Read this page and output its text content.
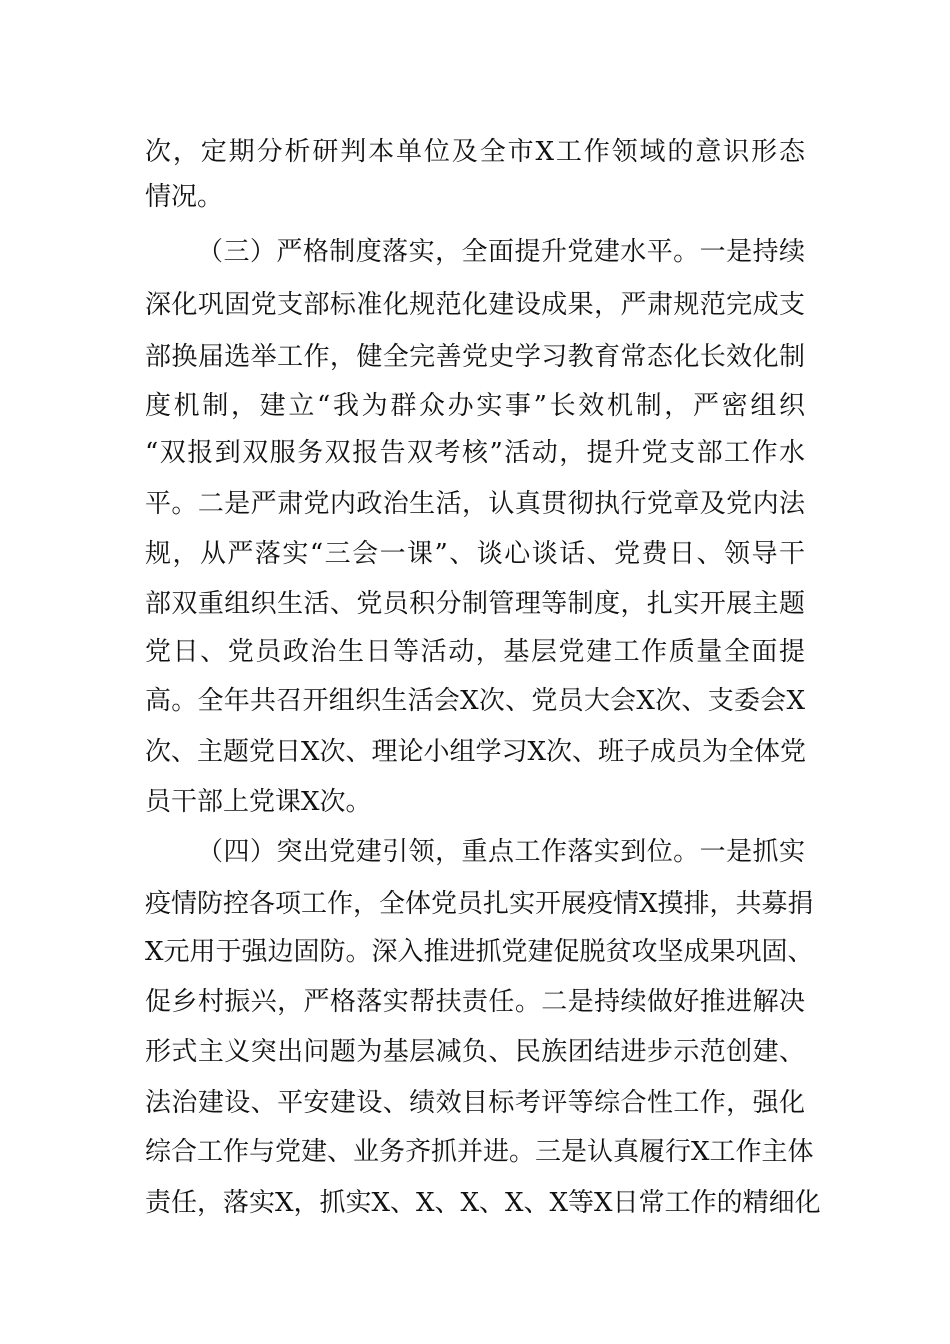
次，定期分析研判本单位及全市X工作领域的意识形态
情况。
（三）严格制度落实，全面提升党建水平。一是持续
深化巩固党支部标准化规范化建设成果，严肃规范完成支
部换届选举工作，健全完善党史学习教育常态化长效化制
度机制，建立“我为群众办实事”长效机制，严密组织
“双报到双服务双报告双考核”活动，提升党支部工作水
平。二是严肃党内政治生活，认真贯彻执行党章及党内法
规，从严落实“三会一课”、谈心谈话、党费日、领导干
部双重组织生活、党员积分制管理等制度，扎实开展主题
党日、党员政治生日等活动，基层党建工作质量全面提
高。全年共召开组织生活会X次、党员大会X次、支委会X
次、主题党日X次、理论小组学习X次、班子成员为全体党
员干部上党课X次。
（四）突出党建引领，重点工作落实到位。一是抓实
疫情防控各项工作，全体党员扎实开展疫情X摸排，共募捐
X元用于强边固防。深入推进抓党建促脱贫攻坚成果巩固、
促乡村振兴，严格落实帮扶责任。二是持续做好推进解决
形式主义突出问题为基层减负、民族团结进步示范创建、
法治建设、平安建设、绩效目标考评等综合性工作，强化
综合工作与党建、业务齐抓并进。三是认真履行X工作主体
责任，落实X，抓实X、X、X、X、X等X日常工作的精细化
